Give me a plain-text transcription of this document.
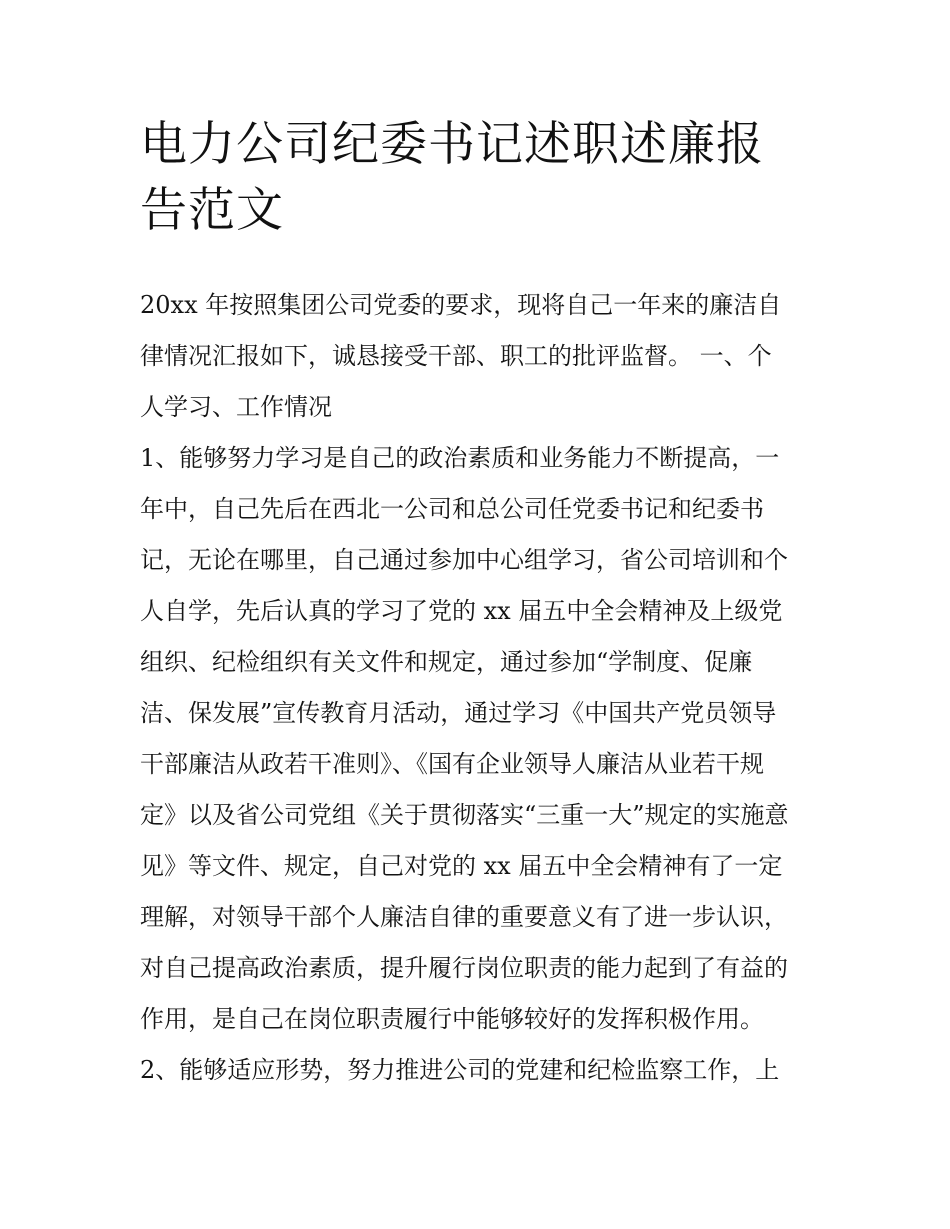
电力公司纪委书记述职述廉报
告范文

20xx 年按照集团公司党委的要求，现将自己一年来的廉洁自

律情况汇报如下，诚恳接受干部、职工的批评监督。 一、个

人学习、工作情况

1、能够努力学习是自己的政治素质和业务能力不断提高，一

年中，自己先后在西北一公司和总公司任党委书记和纪委书

记，无论在哪里，自己通过参加中心组学习，省公司培训和个

人自学，先后认真的学习了党的 xx 届五中全会精神及上级党

组织、纪检组织有关文件和规定，通过参加“学制度、促廉

洁、保发展”宣传教育月活动，通过学习《中国共产党员领导

干部廉洁从政若干准则》、《国有企业领导人廉洁从业若干规

定》以及省公司党组《关于贯彻落实“三重一大”规定的实施意

见》等文件、规定，自己对党的 xx 届五中全会精神有了一定

理解，对领导干部个人廉洁自律的重要意义有了进一步认识，

对自己提高政治素质，提升履行岗位职责的能力起到了有益的

作用，是自己在岗位职责履行中能够较好的发挥积极作用。

2、能够适应形势，努力推进公司的党建和纪检监察工作，上
